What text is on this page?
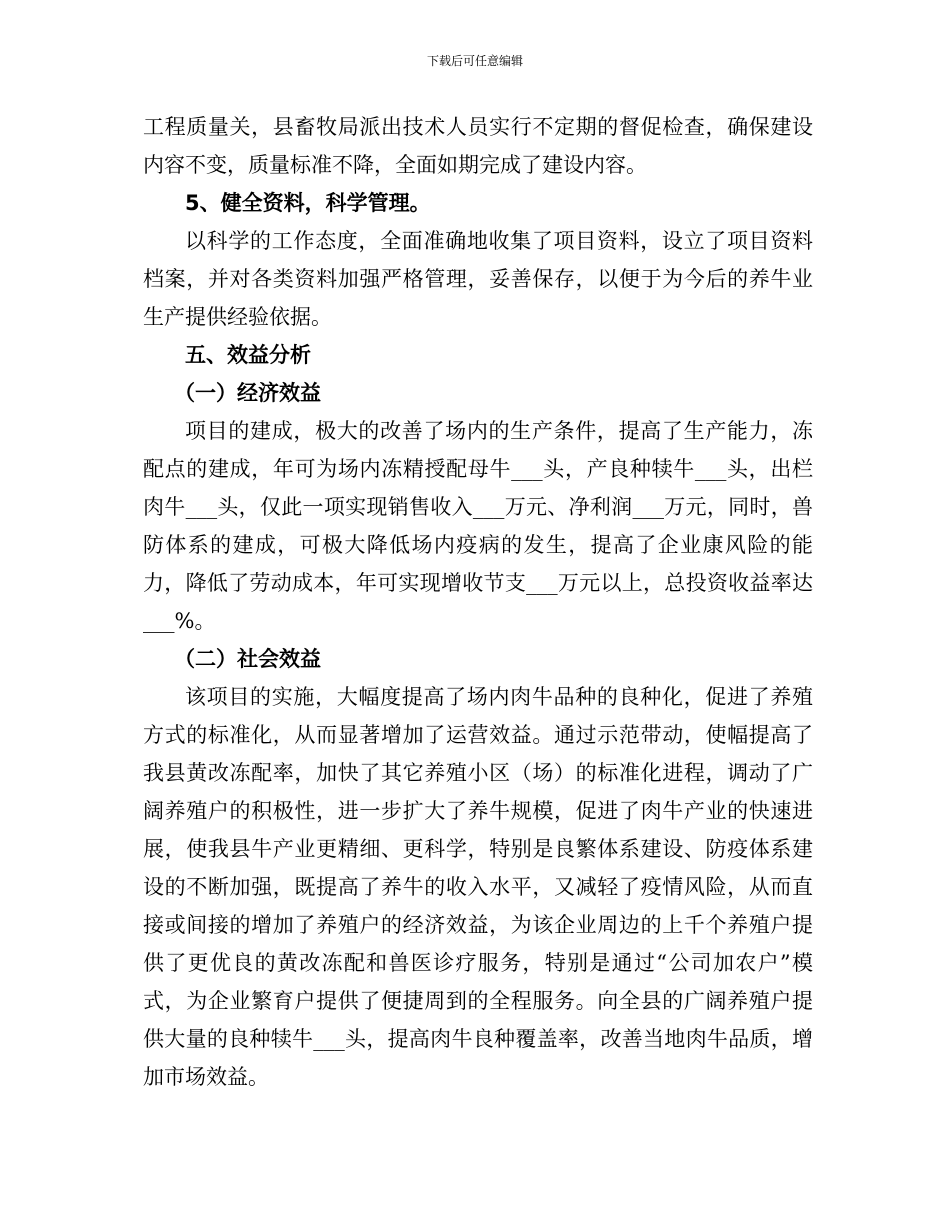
下载后可任意编辑

工程质量关，县畜牧局派出技术人员实行不定期的督促检查，确保建设内容不变，质量标准不降，全面如期完成了建设内容。

5、健全资料，科学管理。

以科学的工作态度，全面准确地收集了项目资料，设立了项目资料档案，并对各类资料加强严格管理，妥善保存，以便于为今后的养牛业生产提供经验依据。

五、效益分析

（一）经济效益

项目的建成，极大的改善了场内的生产条件，提高了生产能力，冻配点的建成，年可为场内冻精授配母牛___头，产良种犊牛___头，出栏肉牛___头，仅此一项实现销售收入___万元、净利润___万元，同时，兽防体系的建成，可极大降低场内疫病的发生，提高了企业康风险的能力，降低了劳动成本，年可实现增收节支___万元以上，总投资收益率达___%。

（二）社会效益

该项目的实施，大幅度提高了场内肉牛品种的良种化，促进了养殖方式的标准化，从而显著增加了运营效益。通过示范带动，使幅提高了我县黄改冻配率，加快了其它养殖小区（场）的标准化进程，调动了广阔养殖户的积极性，进一步扩大了养牛规模，促进了肉牛产业的快速进展，使我县牛产业更精细、更科学，特别是良繁体系建设、防疫体系建设的不断加强，既提高了养牛的收入水平，又减轻了疫情风险，从而直接或间接的增加了养殖户的经济效益，为该企业周边的上千个养殖户提供了更优良的黄改冻配和兽医诊疗服务，特别是通过“公司加农户”模式，为企业繁育户提供了便捷周到的全程服务。向全县的广阔养殖户提供大量的良种犊牛___头，提高肉牛良种覆盖率，改善当地肉牛品质，增加市场效益。
